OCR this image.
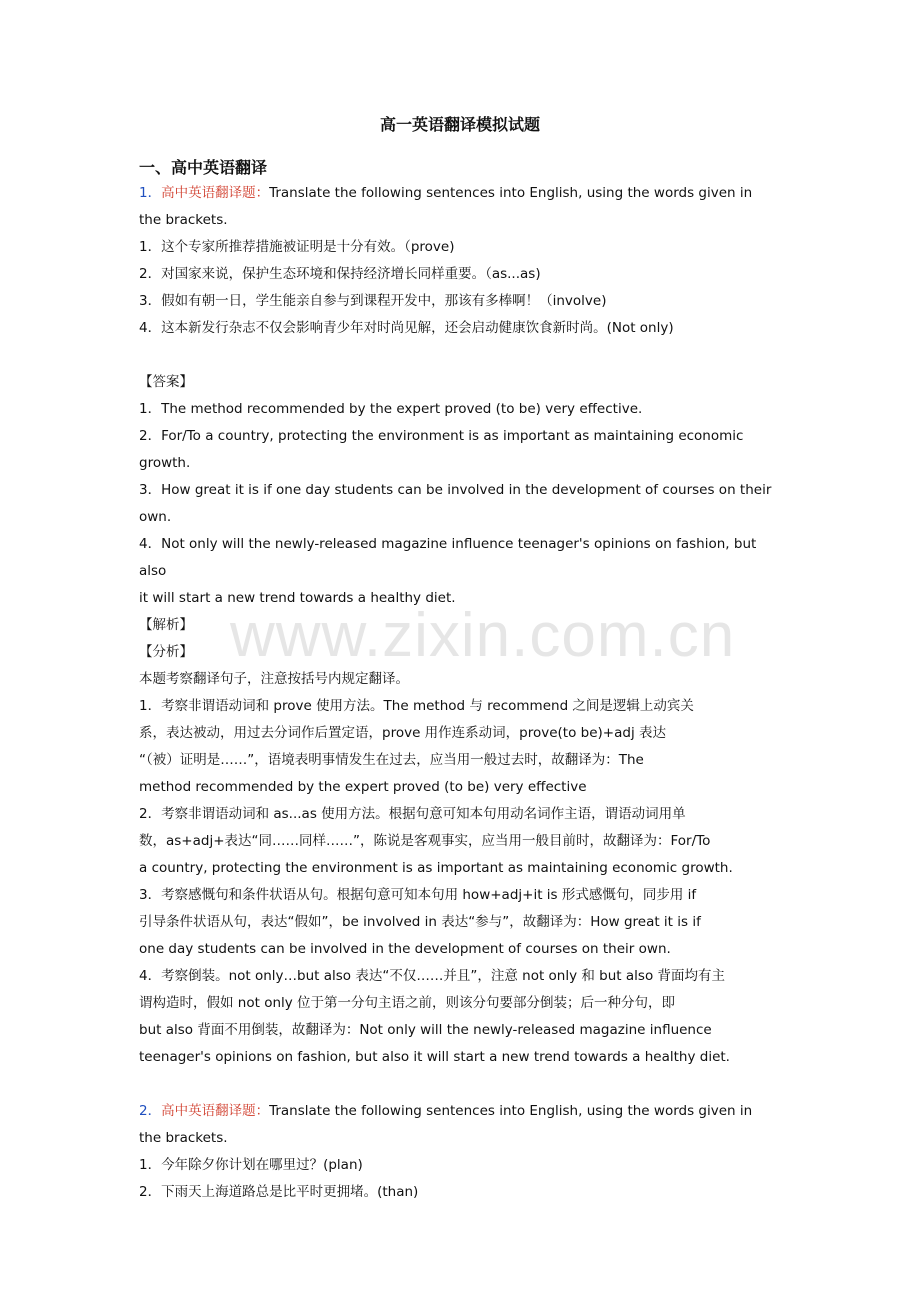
www.zixin.com.cn

高一英语翻译模拟试题

一、高中英语翻译

1．高中英语翻译题：Translate the following sentences into English, using the words given in

the brackets.

1．这个专家所推荐措施被证明是十分有效。（prove)

2．对国家来说，保护生态环境和保持经济增长同样重要。（as...as)

3．假如有朝一日，学生能亲自参与到课程开发中，那该有多棒啊！（involve)

4．这本新发行杂志不仅会影响青少年对时尚见解，还会启动健康饮食新时尚。(Not only)

【答案】

1．The method recommended by the expert proved (to be) very effective.

2．For/To a country, protecting the environment is as important as maintaining economic

growth.

3．How great it is if one day students can be involved in the development of courses on their

own.

4．Not only will the newly-released magazine influence teenager's opinions on fashion, but also

it will start a new trend towards a healthy diet.

【解析】

【分析】

本题考察翻译句子，注意按括号内规定翻译。

1．考察非谓语动词和 prove 使用方法。The method 与 recommend 之间是逻辑上动宾关

系，表达被动，用过去分词作后置定语，prove 用作连系动词，prove(to be)+adj 表达

“（被）证明是……”，语境表明事情发生在过去，应当用一般过去时，故翻译为：The

method recommended by the expert proved (to be) very effective

2．考察非谓语动词和 as...as 使用方法。根据句意可知本句用动名词作主语，谓语动词用单

数，as+adj+表达“同……同样……”，陈说是客观事实，应当用一般目前时，故翻译为：For/To

a country, protecting the environment is as important as maintaining economic growth.

3．考察感慨句和条件状语从句。根据句意可知本句用 how+adj+it is 形式感慨句，同步用 if

引导条件状语从句，表达“假如”，be involved in 表达“参与”，故翻译为：How great it is if

one day students can be involved in the development of courses on their own.

4．考察倒装。not only…but also 表达“不仅……并且”，注意 not only 和 but also 背面均有主

谓构造时，假如 not only 位于第一分句主语之前，则该分句要部分倒装；后一种分句，即

but also 背面不用倒装，故翻译为：Not only will the newly-released magazine influence

teenager's opinions on fashion, but also it will start a new trend towards a healthy diet.

2．高中英语翻译题：Translate the following sentences into English, using the words given in

the brackets.

1．今年除夕你计划在哪里过？(plan)

2．下雨天上海道路总是比平时更拥堵。(than)
